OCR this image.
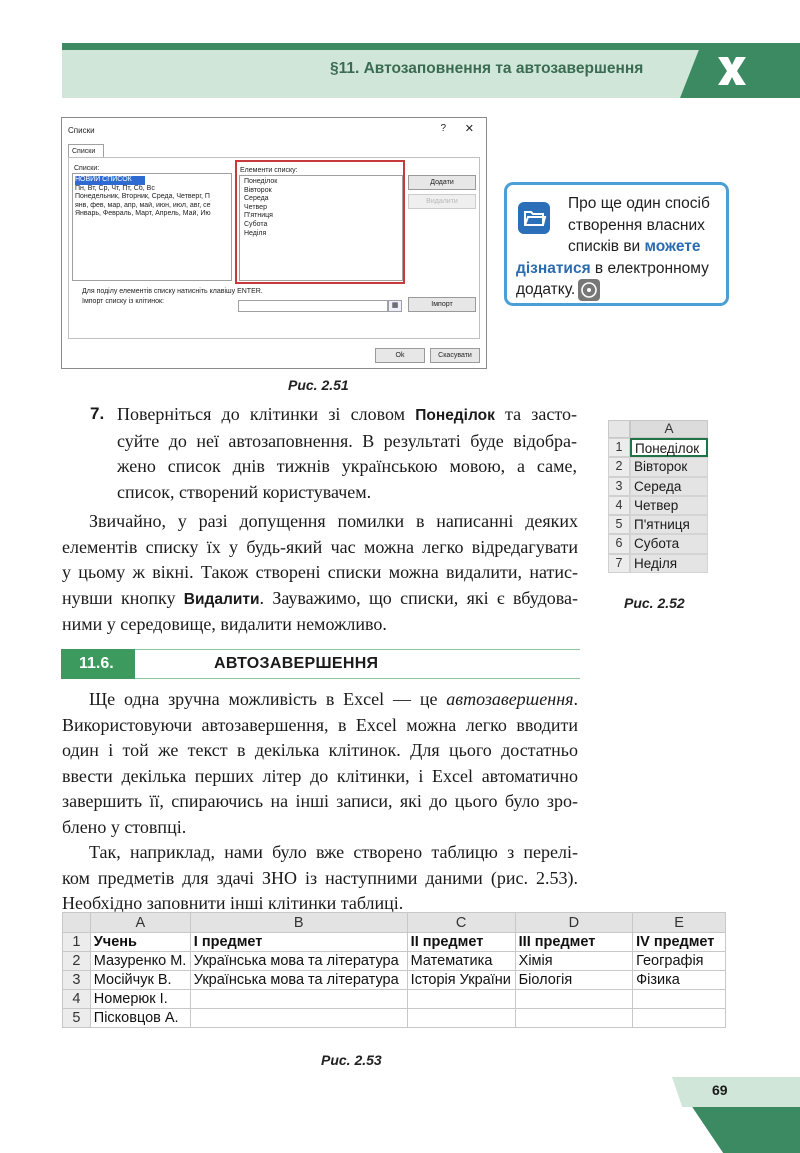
§11. Автозаповнення та автозавершення
Списки	? ✕
Списки
Списки:
НОВИЙ СПИСОК
Пн, Вт, Ср, Чт, Пт, Сб, Вс
Понедельник, Вторник, Среда, Четверг, П
янв, фев, мар, апр, май, июн, июл, авг, се
Январь, Февраль, Март, Апрель, Май, Ию
Елементи списку:
Понеділок
Вівторок
Середа
Четвер
П'ятниця
Субота
Неділя
Додати
Видалити
Для поділу елементів списку натисніть клавішу ENTER.
Імпорт списку із клітинок:
▦	Імпорт
Ok	Скасувати
Про ще один спосіб
створення власних
списків ви можете
дізнатися в електронному
додатку.
Рис. 2.51
7. Поверніться до клітинки зі словом Понеділок та засто-
суйте до неї автозаповнення. В результаті буде відобра-
жено список днів тижнів українською мовою, а саме,
список, створений користувачем.
Звичайно, у разі допущення помилки в написанні деяких
елементів списку їх у будь-який час можна легко відредагувати
у цьому ж вікні. Також створені списки можна видалити, натис-
нувши кнопку Видалити. Зауважимо, що списки, які є вбудова-
ними у середовище, видалити неможливо.
A
1 Понеділок
2 Вівторок
3 Середа
4 Четвер
5 П'ятниця
6 Субота
7 Неділя
Рис. 2.52
11.6.	АВТОЗАВЕРШЕННЯ
Ще одна зручна можливість в Excel — це автозавершення.
Використовуючи автозавершення, в Excel можна легко вводити
один і той же текст в декілька клітинок. Для цього достатньо
ввести декілька перших літер до клітинки, і Excel автоматично
завершить її, спираючись на інші записи, які до цього було зро-
блено у стовпці.
Так, наприклад, нами було вже створено таблицю з перелі-
ком предметів для здачі ЗНО із наступними даними (рис. 2.53).
Необхідно заповнити інші клітинки таблиці.
	A	B	C	D	E
1	Учень	І предмет	ІІ предмет	ІІІ предмет	IV предмет
2	Мазуренко М.	Українська мова та література	Математика	Хімія	Географія
3	Мосійчук В.	Українська мова та література	Історія України	Біологія	Фізика
4	Номерюк І.				
5	Пісковцов А.				
Рис. 2.53
69
